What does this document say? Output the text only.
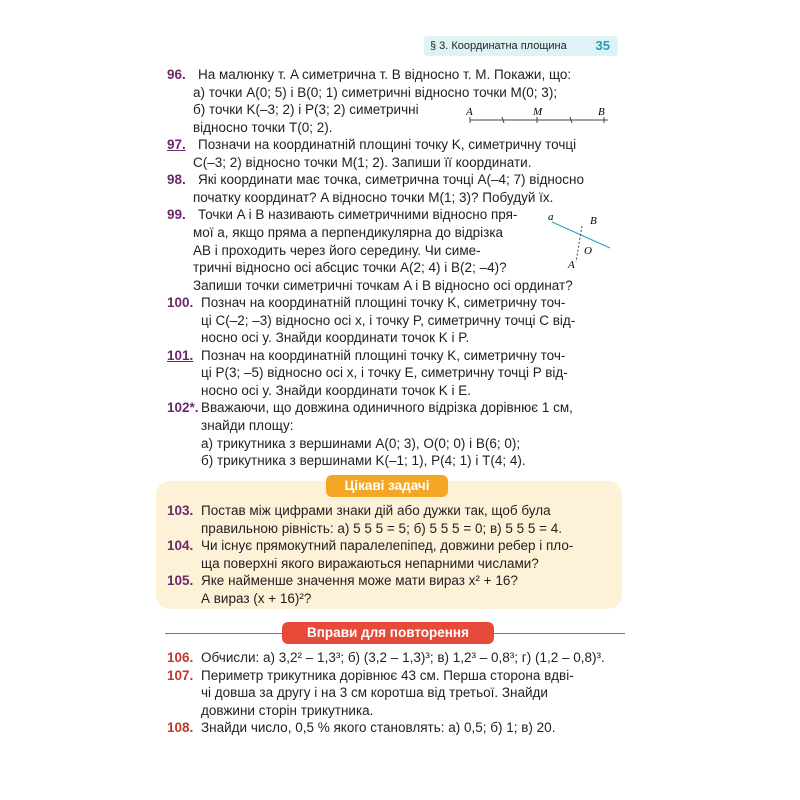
§ 3. Координатна площина 35
96. На малюнку т. A симетрична т. B відносно т. M. Покажи, що:
а) точки A(0; 5) і B(0; 1) симетричні відносно точки M(0; 3);
б) точки K(–3; 2) і P(3; 2) симетричні
відносно точки T(0; 2).
97. Позначи на координатній площині точку K, симетричну точці
C(–3; 2) відносно точки M(1; 2). Запиши її координати.
98. Які координати має точка, симетрична точці A(–4; 7) відносно
початку координат? A відносно точки M(1; 3)? Побудуй їх.
99. Точки A і B називають симетричними відносно пря-
мої a, якщо пряма a перпендикулярна до відрізка
AB і проходить через його середину. Чи симе-
тричні відносно осі абсцис точки A(2; 4) і B(2; –4)?
Запиши точки симетричні точкам A і B відносно осі ординат?
100. Познач на координатній площині точку K, симетричну точ-
ці C(–2; –3) відносно осі x, і точку P, симетричну точці C від-
носно осі y. Знайди координати точок K і P.
101. Познач на координатній площині точку K, симетричну точ-
ці P(3; –5) відносно осі x, і точку E, симетричну точці P від-
носно осі y. Знайди координати точок K і E.
102*. Вважаючи, що довжина одиничного відрізка дорівнює 1 см,
знайди площу:
а) трикутника з вершинами A(0; 3), O(0; 0) і B(6; 0);
б) трикутника з вершинами K(–1; 1), P(4; 1) і T(4; 4).
A	M	B
a	B
O
A
Цікаві задачі
103. Постав між цифрами знаки дій або дужки так, щоб була
правильною рівність: а) 5 5 5 = 5; б) 5 5 5 = 0; в) 5 5 5 = 4.
104. Чи існує прямокутний паралелепіпед, довжини ребер і пло-
ща поверхні якого виражаються непарними числами?
105. Яке найменше значення може мати вираз x² + 16?
А вираз (x + 16)²?
Вправи для повторення
106. Обчисли: а) 3,2² – 1,3³; б) (3,2 – 1,3)³; в) 1,2³ – 0,8³; г) (1,2 – 0,8)³.
107. Периметр трикутника дорівнює 43 см. Перша сторона вдві-
чі довша за другу і на 3 см коротша від третьої. Знайди
довжини сторін трикутника.
108. Знайди число, 0,5 % якого становлять: а) 0,5; б) 1; в) 20.
